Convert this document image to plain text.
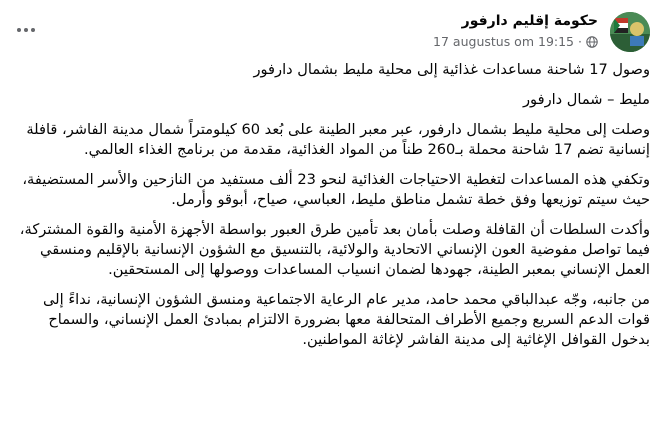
حكومة إقليم دارفور
17 augustus om 19:15 ·

وصول 17 شاحنة مساعدات غذائية إلى محلية مليط بشمال دارفور

مليط – شمال دارفور

وصلت إلى محلية مليط بشمال دارفور، عبر معبر الطينة على بُعد 60 كيلومتراً شمال مدينة الفاشر، قافلة إنسانية تضم 17 شاحنة محملة بـ260 طناً من المواد الغذائية، مقدمة من برنامج الغذاء العالمي.

وتكفي هذه المساعدات لتغطية الاحتياجات الغذائية لنحو 23 ألف مستفيد من النازحين والأسر المستضيفة، حيث سيتم توزيعها وفق خطة تشمل مناطق مليط، العباسي، صياح، أبوقو وأرمل.

وأكدت السلطات أن القافلة وصلت بأمان بعد تأمين طرق العبور بواسطة الأجهزة الأمنية والقوة المشتركة، فيما تواصل مفوضية العون الإنساني الاتحادية والولائية، بالتنسيق مع الشؤون الإنسانية بالإقليم ومنسقي العمل الإنساني بمعبر الطينة، جهودها لضمان انسياب المساعدات ووصولها إلى المستحقين.

من جانبه، وجّه عبدالباقي محمد حامد، مدير عام الرعاية الاجتماعية ومنسق الشؤون الإنسانية، نداءً إلى قوات الدعم السريع وجميع الأطراف المتحالفة معها بضرورة الالتزام بمبادئ العمل الإنساني، والسماح بدخول القوافل الإغاثية إلى مدينة الفاشر لإغاثة المواطنين.
